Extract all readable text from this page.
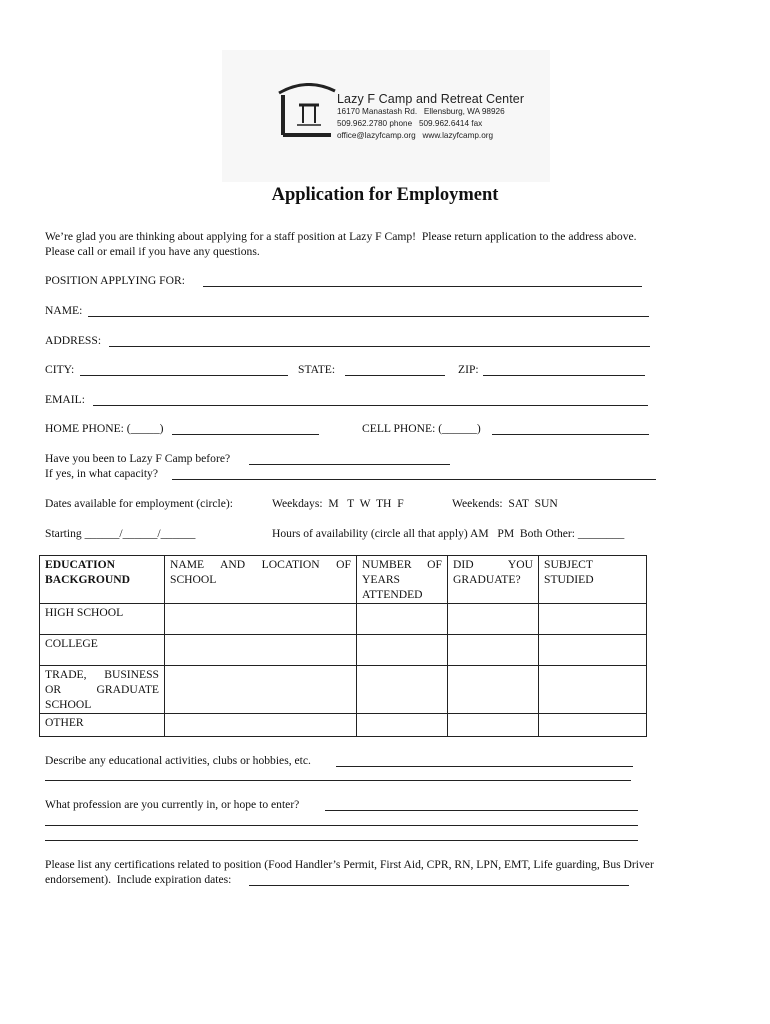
Lazy F Camp and Retreat Center
16170 Manastash Rd.   Ellensburg, WA 98926
509.962.2780 phone   509.962.6414 fax
office@lazyfcamp.org   www.lazyfcamp.org
Application for Employment
We’re glad you are thinking about applying for a staff position at Lazy F Camp!  Please return application to the address above.
Please call or email if you have any questions.
POSITION APPLYING FOR:
NAME:
ADDRESS:
CITY:	STATE:	ZIP:
EMAIL:
HOME PHONE: (_____)	CELL PHONE: (______)
Have you been to Lazy F Camp before?
If yes, in what capacity?
Dates available for employment (circle):	Weekdays:  M   T  W  TH  F	Weekends:  SAT  SUN
Starting ______/______/______	Hours of availability (circle all that apply) AM   PM  Both Other: ________
EDUCATION BACKGROUND	NAME AND LOCATION OF SCHOOL	NUMBER OF YEARS ATTENDED	DID YOU GRADUATE?	SUBJECT STUDIED
HIGH SCHOOL				
COLLEGE				
TRADE, BUSINESS OR GRADUATE SCHOOL				
OTHER				
Describe any educational activities, clubs or hobbies, etc.
What profession are you currently in, or hope to enter?
Please list any certifications related to position (Food Handler’s Permit, First Aid, CPR, RN, LPN, EMT, Life guarding, Bus Driver
endorsement).  Include expiration dates:
